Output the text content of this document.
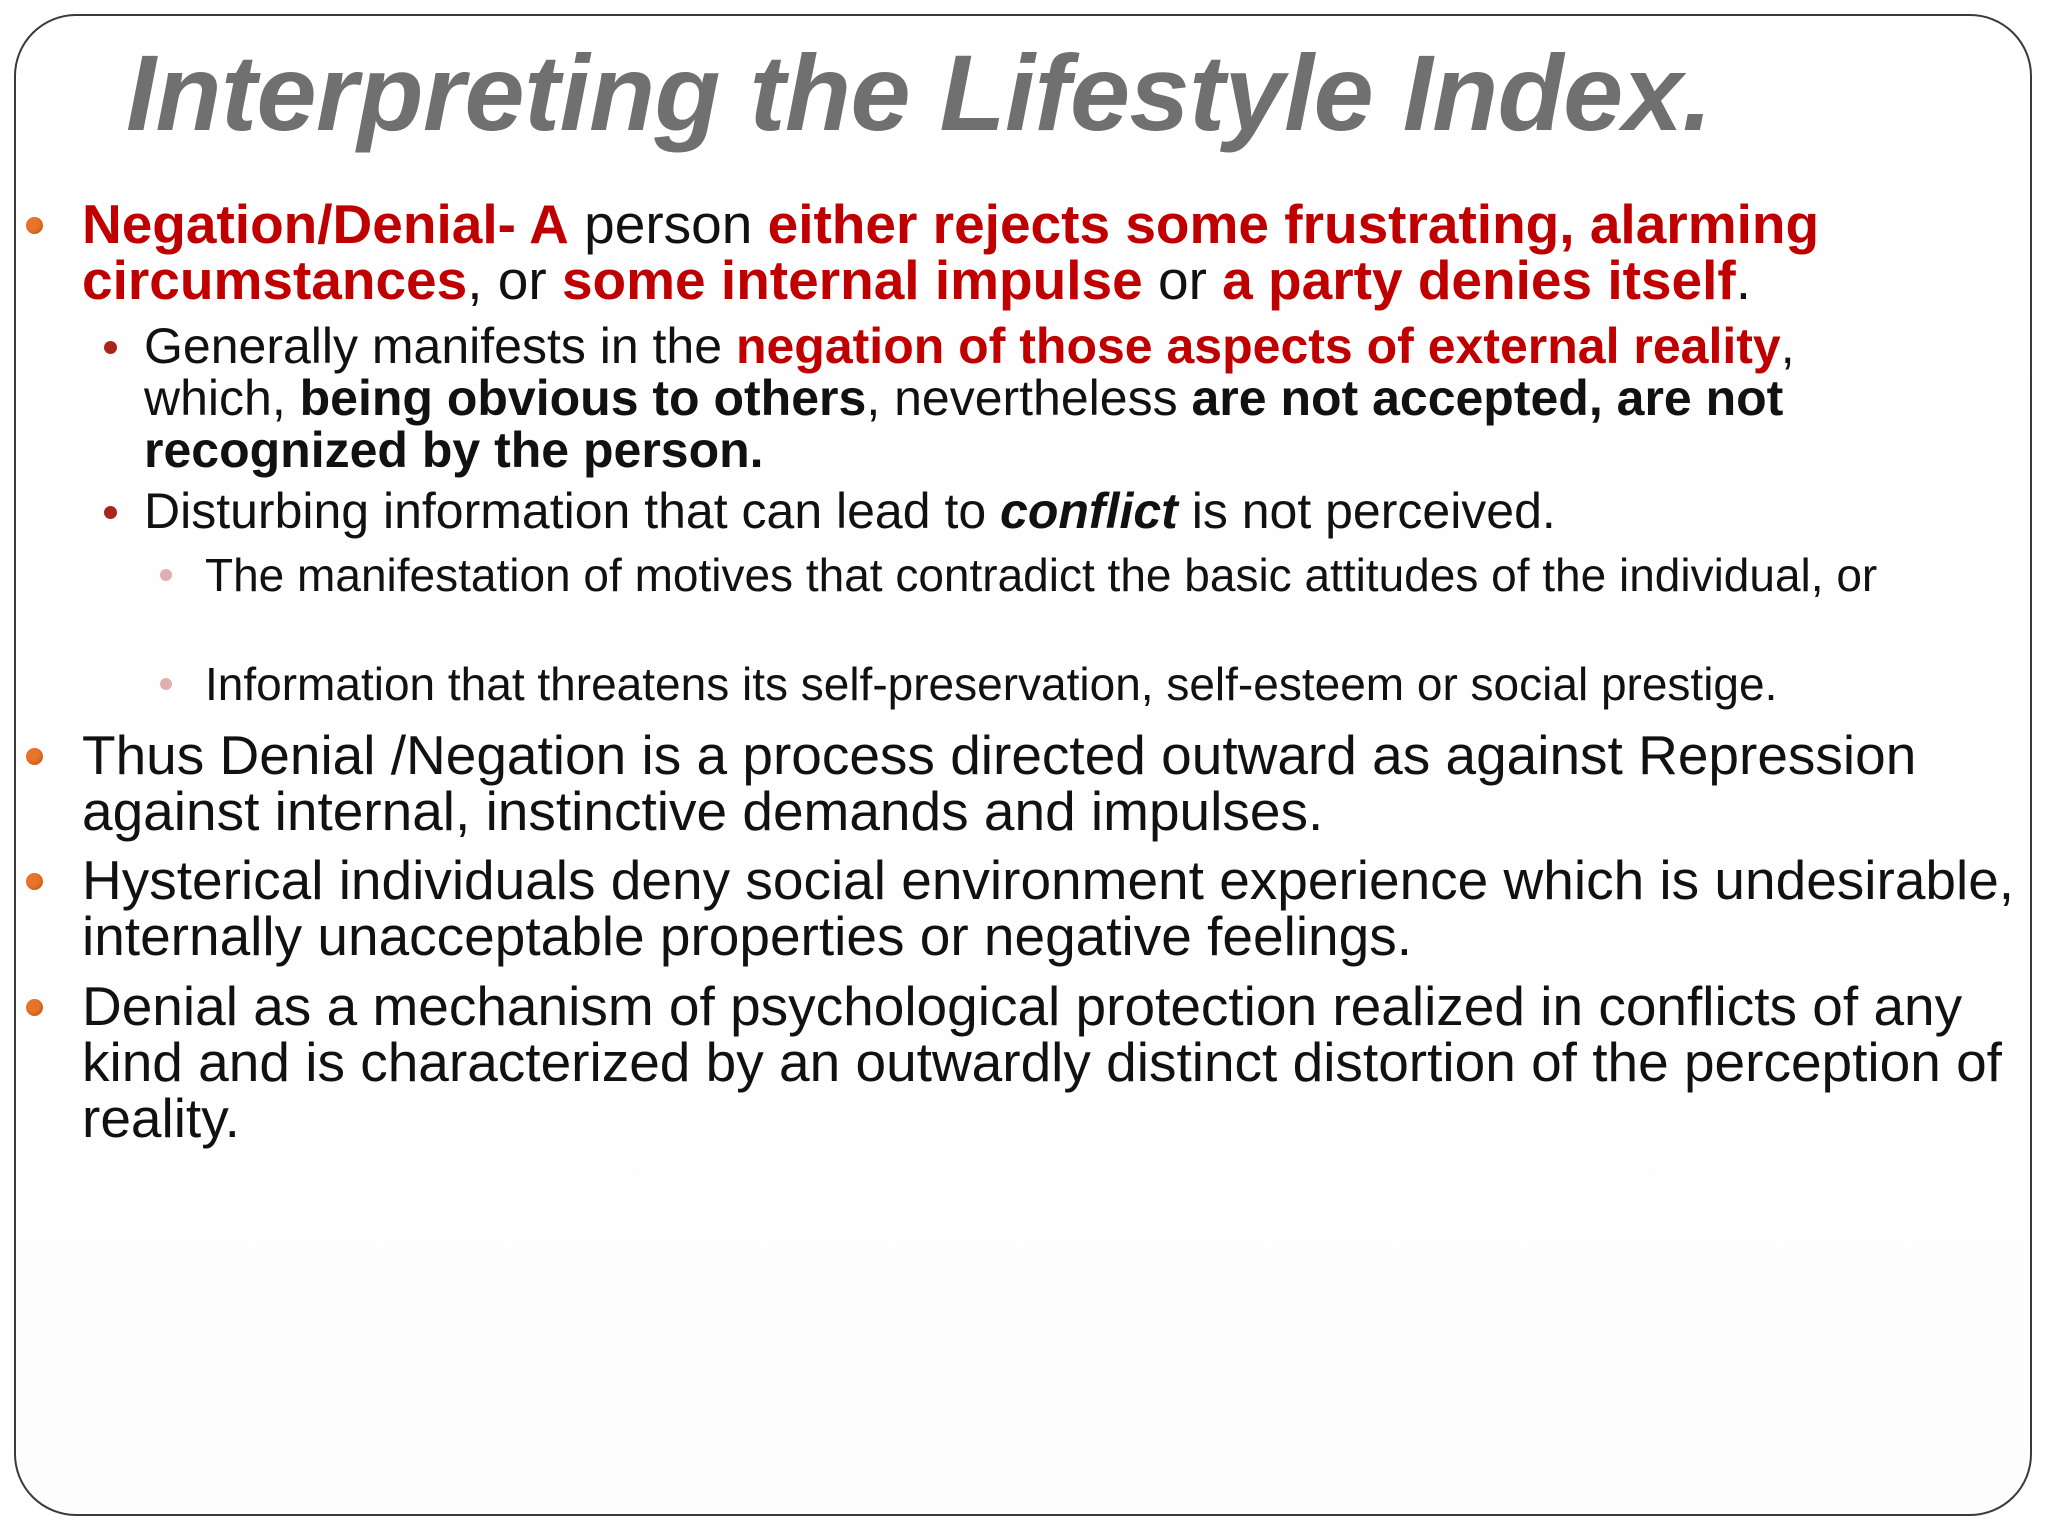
Interpreting the Lifestyle Index.

Negation/Denial- A person either rejects some frustrating, alarming circumstances, or some internal impulse or a party denies itself.

Generally manifests in the negation of those aspects of external reality, which, being obvious to others, nevertheless are not accepted, are not recognized by the person.

Disturbing information that can lead to conflict is not perceived.

The manifestation of motives that contradict the basic attitudes of the individual, or

Information that threatens its self-preservation, self-esteem or social prestige.

Thus Denial /Negation is a process directed outward as against Repression against internal, instinctive demands and impulses.

Hysterical individuals deny social environment experience which is undesirable, internally unacceptable properties or negative feelings.

Denial as a mechanism of psychological protection realized in conflicts of any kind and is characterized by an outwardly distinct distortion of the perception of reality.
